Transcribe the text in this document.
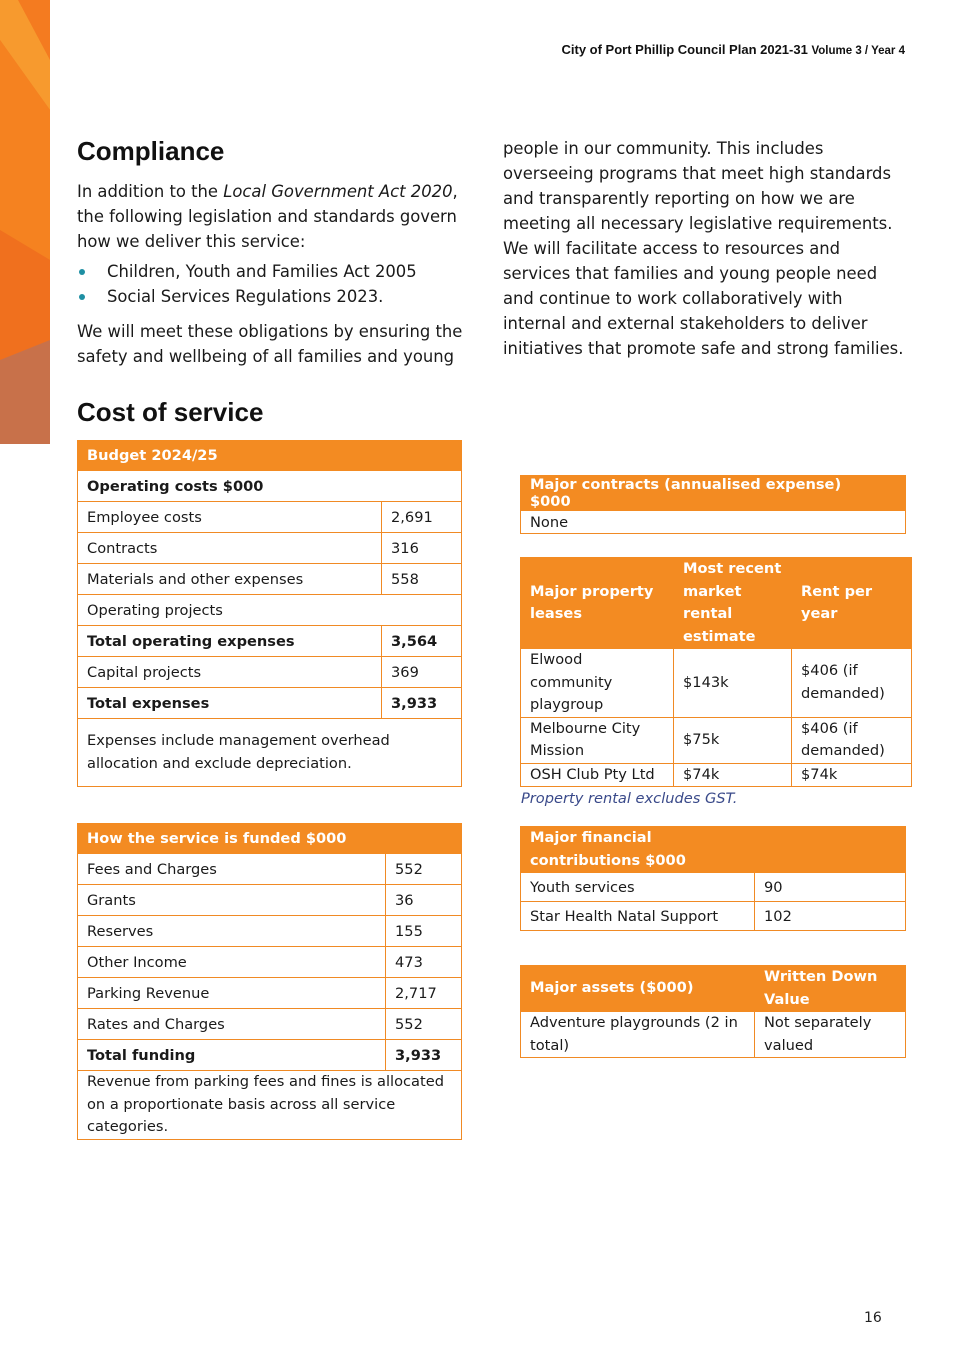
City of Port Phillip Council Plan 2021-31 Volume 3 / Year 4
Compliance

In addition to the Local Government Act 2020, the following legislation and standards govern how we deliver this service:

Children, Youth and Families Act 2005
Social Services Regulations 2023.

We will meet these obligations by ensuring the safety and wellbeing of all families and young

people in our community. This includes overseeing programs that meet high standards and transparently reporting on how we are meeting all necessary legislative requirements. We will facilitate access to resources and services that families and young people need and continue to work collaboratively with internal and external stakeholders to deliver initiatives that promote safe and strong families.
Cost of service
Budget 2024/25	
Operating costs $000	
Employee costs	2,691
Contracts	316
Materials and other expenses	558
Operating projects	
Total operating expenses	3,564
Capital projects	369
Total expenses	3,933
Expenses include management overhead allocation and exclude depreciation.	
How the service is funded $000	
Fees and Charges	552
Grants	36
Reserves	155
Other Income	473
Parking Revenue	2,717
Rates and Charges	552
Total funding	3,933
Revenue from parking fees and fines is allocated on a proportionate basis across all service categories.	
Major contracts (annualised expense) $000	
None
Major property leases	Most recent market rental estimate	Rent per year
Elwood community playgroup	$143k	$406 (if demanded)
Melbourne City Mission	$75k	$406 (if demanded)
OSH Club Pty Ltd	$74k	$74k
Property rental excludes GST.
Major financial contributions $000	
Youth services	90
Star Health Natal Support	102
Major assets ($000)	Written Down Value
Adventure playgrounds (2 in total)	Not separately valued
16
